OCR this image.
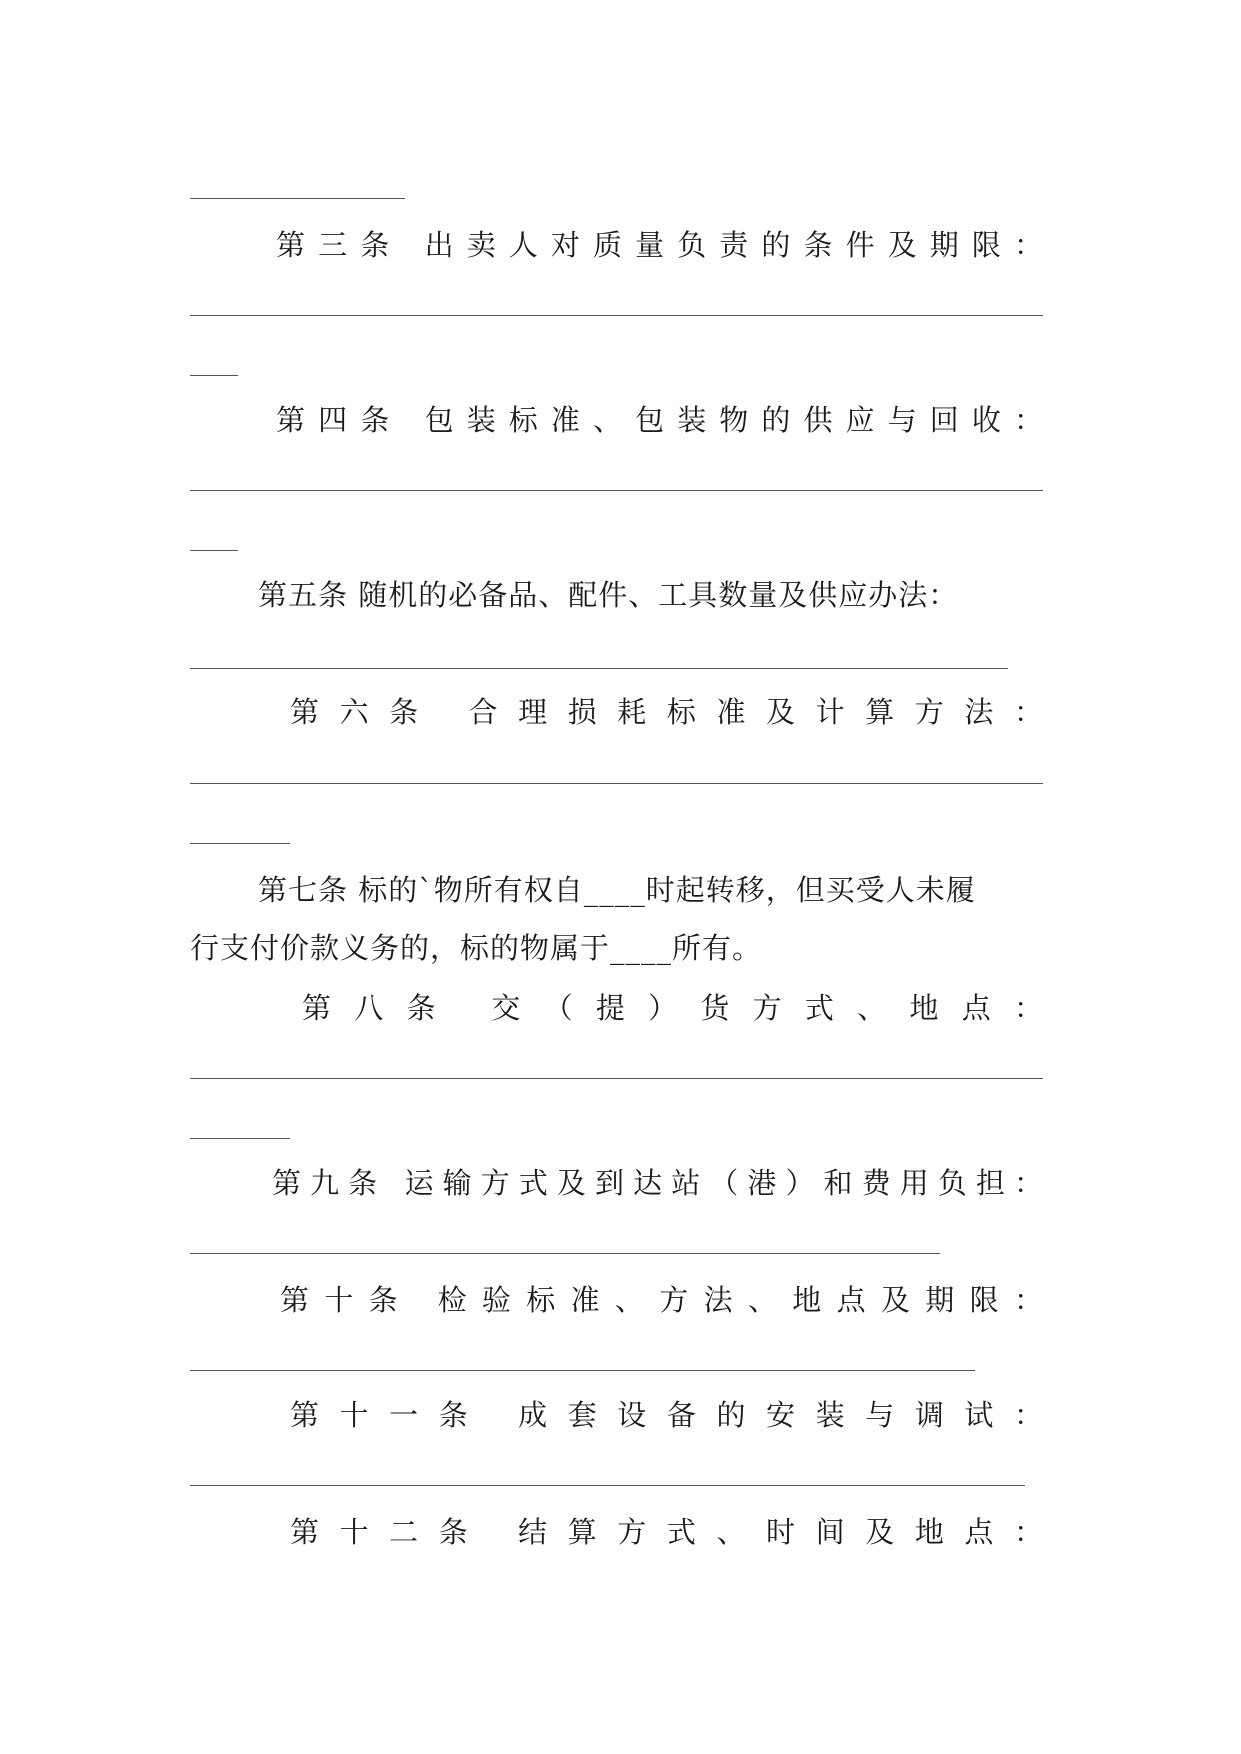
第三条 出卖人对质量负责的条件及期限：
第四条 包装标准、包装物的供应与回收：
第五条 随机的必备品、配件、工具数量及供应办法：
第六条 合理损耗标准及计算方法：
第七条 标的`物所有权自____时起转移，但买受人未履
行支付价款义务的，标的物属于____所有。
第八条 交（提）货方式、地点：
第九条 运输方式及到达站（港）和费用负担：
第十条 检验标准、方法、地点及期限：
第十一条 成套设备的安装与调试：
第十二条 结算方式、时间及地点：
